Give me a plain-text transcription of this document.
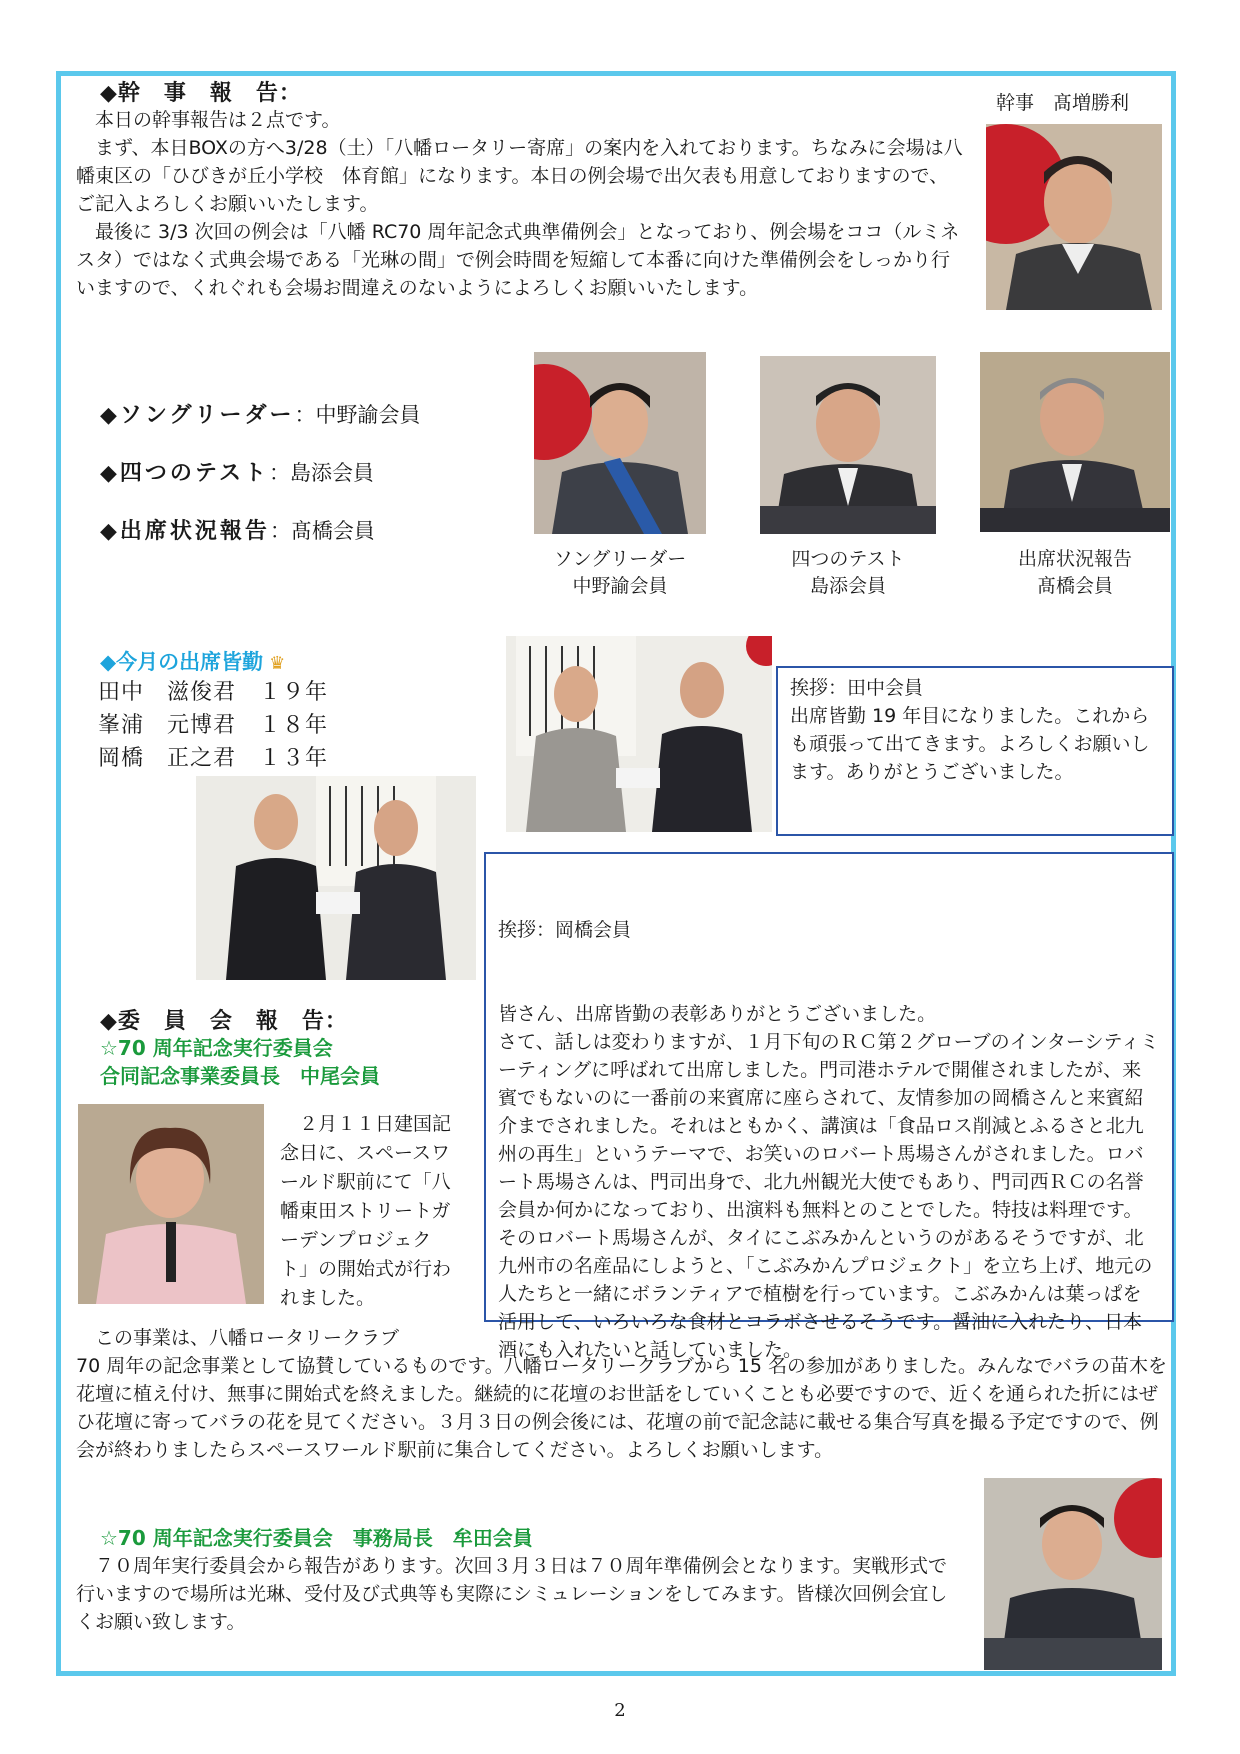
◆幹　事　報　告：
本日の幹事報告は２点です。
まず、本日BOXの方へ3/28（土）「八幡ロータリー寄席」の案内を入れております。ちなみに会場は八幡東区の「ひびきが丘小学校　体育館」になります。本日の例会場で出欠表も用意しておりますので、ご記入よろしくお願いいたします。
最後に 3/3 次回の例会は「八幡 RC70 周年記念式典準備例会」となっており、例会場をココ（ルミネスタ）ではなく式典会場である「光琳の間」で例会時間を短縮して本番に向けた準備例会をしっかり行いますので、くれぐれも会場お間違えのないようによろしくお願いいたします。
幹事　髙増勝利
◆ソングリーダー：中野諭会員
◆四つのテスト：島添会員
◆出席状況報告：髙橋会員
ソングリーダー
中野諭会員
四つのテスト
島添会員
出席状況報告
髙橋会員
◆今月の出席皆勤 ♛
田中　滋俊君　１９年
峯浦　元博君　１８年
岡橋　正之君　１３年
挨拶：田中会員
出席皆勤 19 年目になりました。これからも頑張って出てきます。よろしくお願いします。ありがとうございました。

挨拶：岡橋会員

皆さん、出席皆勤の表彰ありがとうございました。
さて、話しは変わりますが、１月下旬のＲＣ第２グローブのインターシティミーティングに呼ばれて出席しました。門司港ホテルで開催されましたが、来賓でもないのに一番前の来賓席に座らされて、友情参加の岡橋さんと来賓紹介までされました。それはともかく、講演は「食品ロス削減とふるさと北九州の再生」というテーマで、お笑いのロバート馬場さんがされました。ロバート馬場さんは、門司出身で、北九州観光大使でもあり、門司西ＲＣの名誉会員か何かになっており、出演料も無料とのことでした。特技は料理です。そのロバート馬場さんが、タイにこぶみかんというのがあるそうですが、北九州市の名産品にしようと、「こぶみかんプロジェクト」を立ち上げ、地元の人たちと一緒にボランティアで植樹を行っています。こぶみかんは葉っぱを活用して、いろいろな食材とコラボさせるそうです。醤油に入れたり、日本酒にも入れたいと話していました。

◆委　員　会　報　告：
☆70 周年記念実行委員会
合同記念事業委員長　中尾会員
２月１１日建国記念日に、スペースワールド駅前にて「八幡東田ストリートガーデンプロジェクト」の開始式が行われました。
この事業は、八幡ロータリークラブ
70 周年の記念事業として協賛しているものです。八幡ロータリークラブから 15 名の参加がありました。みんなでバラの苗木を花壇に植え付け、無事に開始式を終えました。継続的に花壇のお世話をしていくことも必要ですので、近くを通られた折にはぜひ花壇に寄ってバラの花を見てください。３月３日の例会後には、花壇の前で記念誌に載せる集合写真を撮る予定ですので、例会が終わりましたらスペースワールド駅前に集合してください。よろしくお願いします。
☆70 周年記念実行委員会　事務局長　牟田会員
７０周年実行委員会から報告があります。次回３月３日は７０周年準備例会となります。実戦形式で行いますので場所は光琳、受付及び式典等も実際にシミュレーションをしてみます。皆様次回例会宜しくお願い致します。
2
